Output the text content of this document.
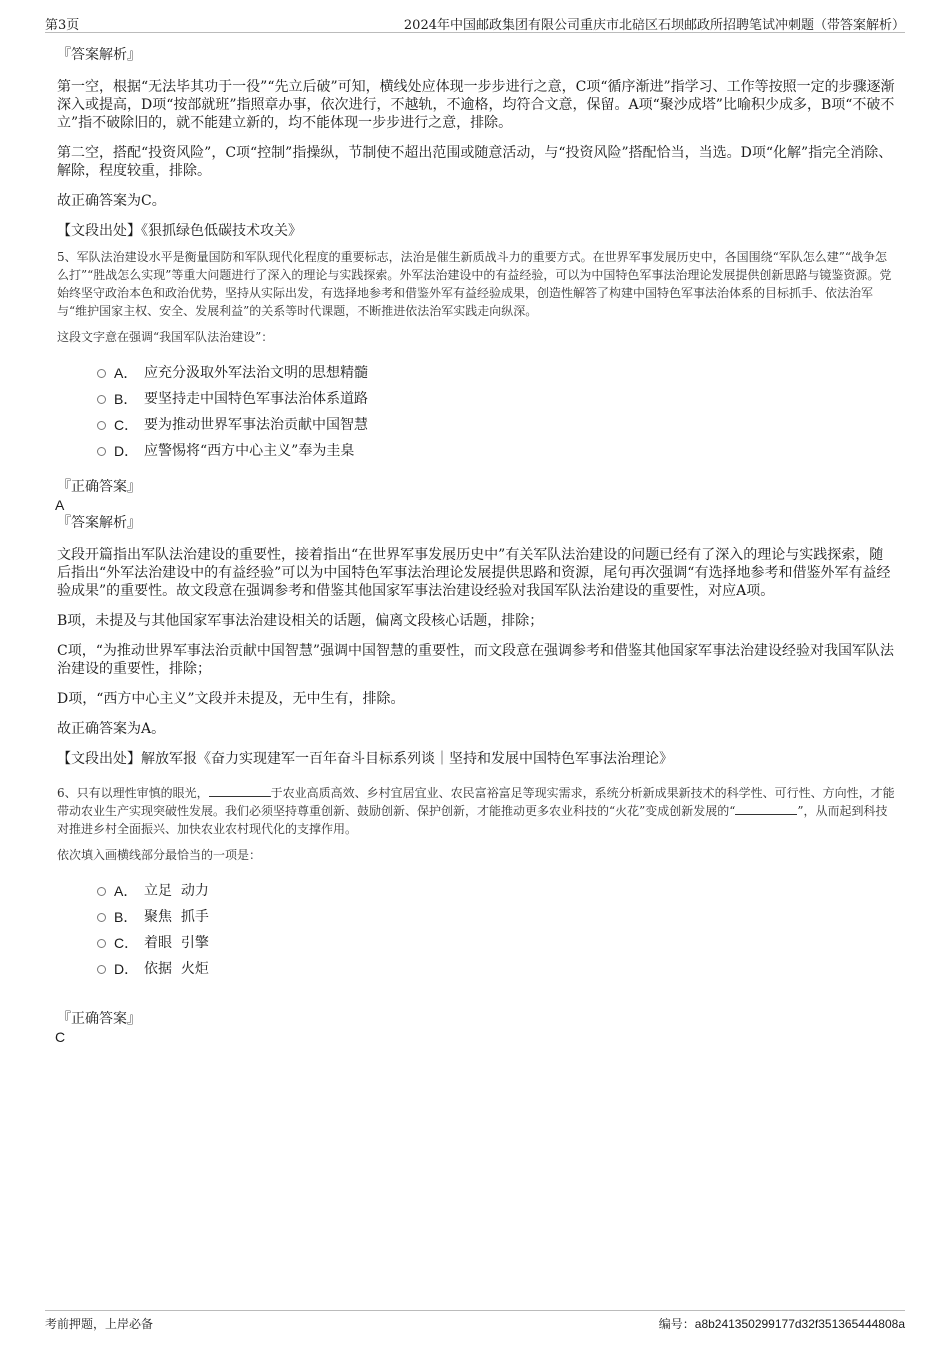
第3页	2024年中国邮政集团有限公司重庆市北碚区石坝邮政所招聘笔试冲刺题（带答案解析）

『答案解析』

第一空，根据“无法毕其功于一役”“先立后破”可知，横线处应体现一步步进行之意，C项“循序渐进”指学习、工作等按照一定的步骤逐渐深入或提高，D项“按部就班”指照章办事，依次进行，不越轨，不逾格，均符合文意，保留。A项“聚沙成塔”比喻积少成多，B项“不破不立”指不破除旧的，就不能建立新的，均不能体现一步步进行之意，排除。

第二空，搭配“投资风险”，C项“控制”指操纵，节制使不超出范围或随意活动，与“投资风险”搭配恰当，当选。D项“化解”指完全消除、解除，程度较重，排除。

故正确答案为C。

【文段出处】《狠抓绿色低碳技术攻关》

5、军队法治建设水平是衡量国防和军队现代化程度的重要标志，法治是催生新质战斗力的重要方式。在世界军事发展历史中，各国围绕“军队怎么建”“战争怎么打”“胜战怎么实现”等重大问题进行了深入的理论与实践探索。外军法治建设中的有益经验，可以为中国特色军事法治理论发展提供创新思路与镜鉴资源。党始终坚守政治本色和政治优势，坚持从实际出发，有选择地参考和借鉴外军有益经验成果，创造性解答了构建中国特色军事法治体系的目标抓手、依法治军与“维护国家主权、安全、发展利益”的关系等时代课题，不断推进依法治军实践走向纵深。

这段文字意在强调“我国军队法治建设”：

A． 应充分汲取外军法治文明的思想精髓
B． 要坚持走中国特色军事法治体系道路
C． 要为推动世界军事法治贡献中国智慧
D． 应警惕将“西方中心主义”奉为圭臬

『正确答案』

A

『答案解析』

文段开篇指出军队法治建设的重要性，接着指出“在世界军事发展历史中”有关军队法治建设的问题已经有了深入的理论与实践探索，随后指出“外军法治建设中的有益经验”可以为中国特色军事法治理论发展提供思路和资源，尾句再次强调“有选择地参考和借鉴外军有益经验成果”的重要性。故文段意在强调参考和借鉴其他国家军事法治建设经验对我国军队法治建设的重要性，对应A项。

B项，未提及与其他国家军事法治建设相关的话题，偏离文段核心话题，排除；

C项，“为推动世界军事法治贡献中国智慧”强调中国智慧的重要性，而文段意在强调参考和借鉴其他国家军事法治建设经验对我国军队法治建设的重要性，排除；

D项，“西方中心主义”文段并未提及，无中生有，排除。

故正确答案为A。

【文段出处】解放军报《奋力实现建军一百年奋斗目标系列谈｜坚持和发展中国特色军事法治理论》

6、只有以理性审慎的眼光，	于农业高质高效、乡村宜居宜业、农民富裕富足等现实需求，系统分析新成果新技术的科学性、可行性、方向性，才能带动农业生产实现突破性发展。我们必须坚持尊重创新、鼓励创新、保护创新，才能推动更多农业科技的“火花”变成创新发展的“	”，从而起到科技对推进乡村全面振兴、加快农业农村现代化的支撑作用。

依次填入画横线部分最恰当的一项是：

A． 立足  动力
B． 聚焦  抓手
C． 着眼  引擎
D． 依据  火炬

『正确答案』

C

考前押题，上岸必备	编号：a8b241350299177d32f351365444808a
